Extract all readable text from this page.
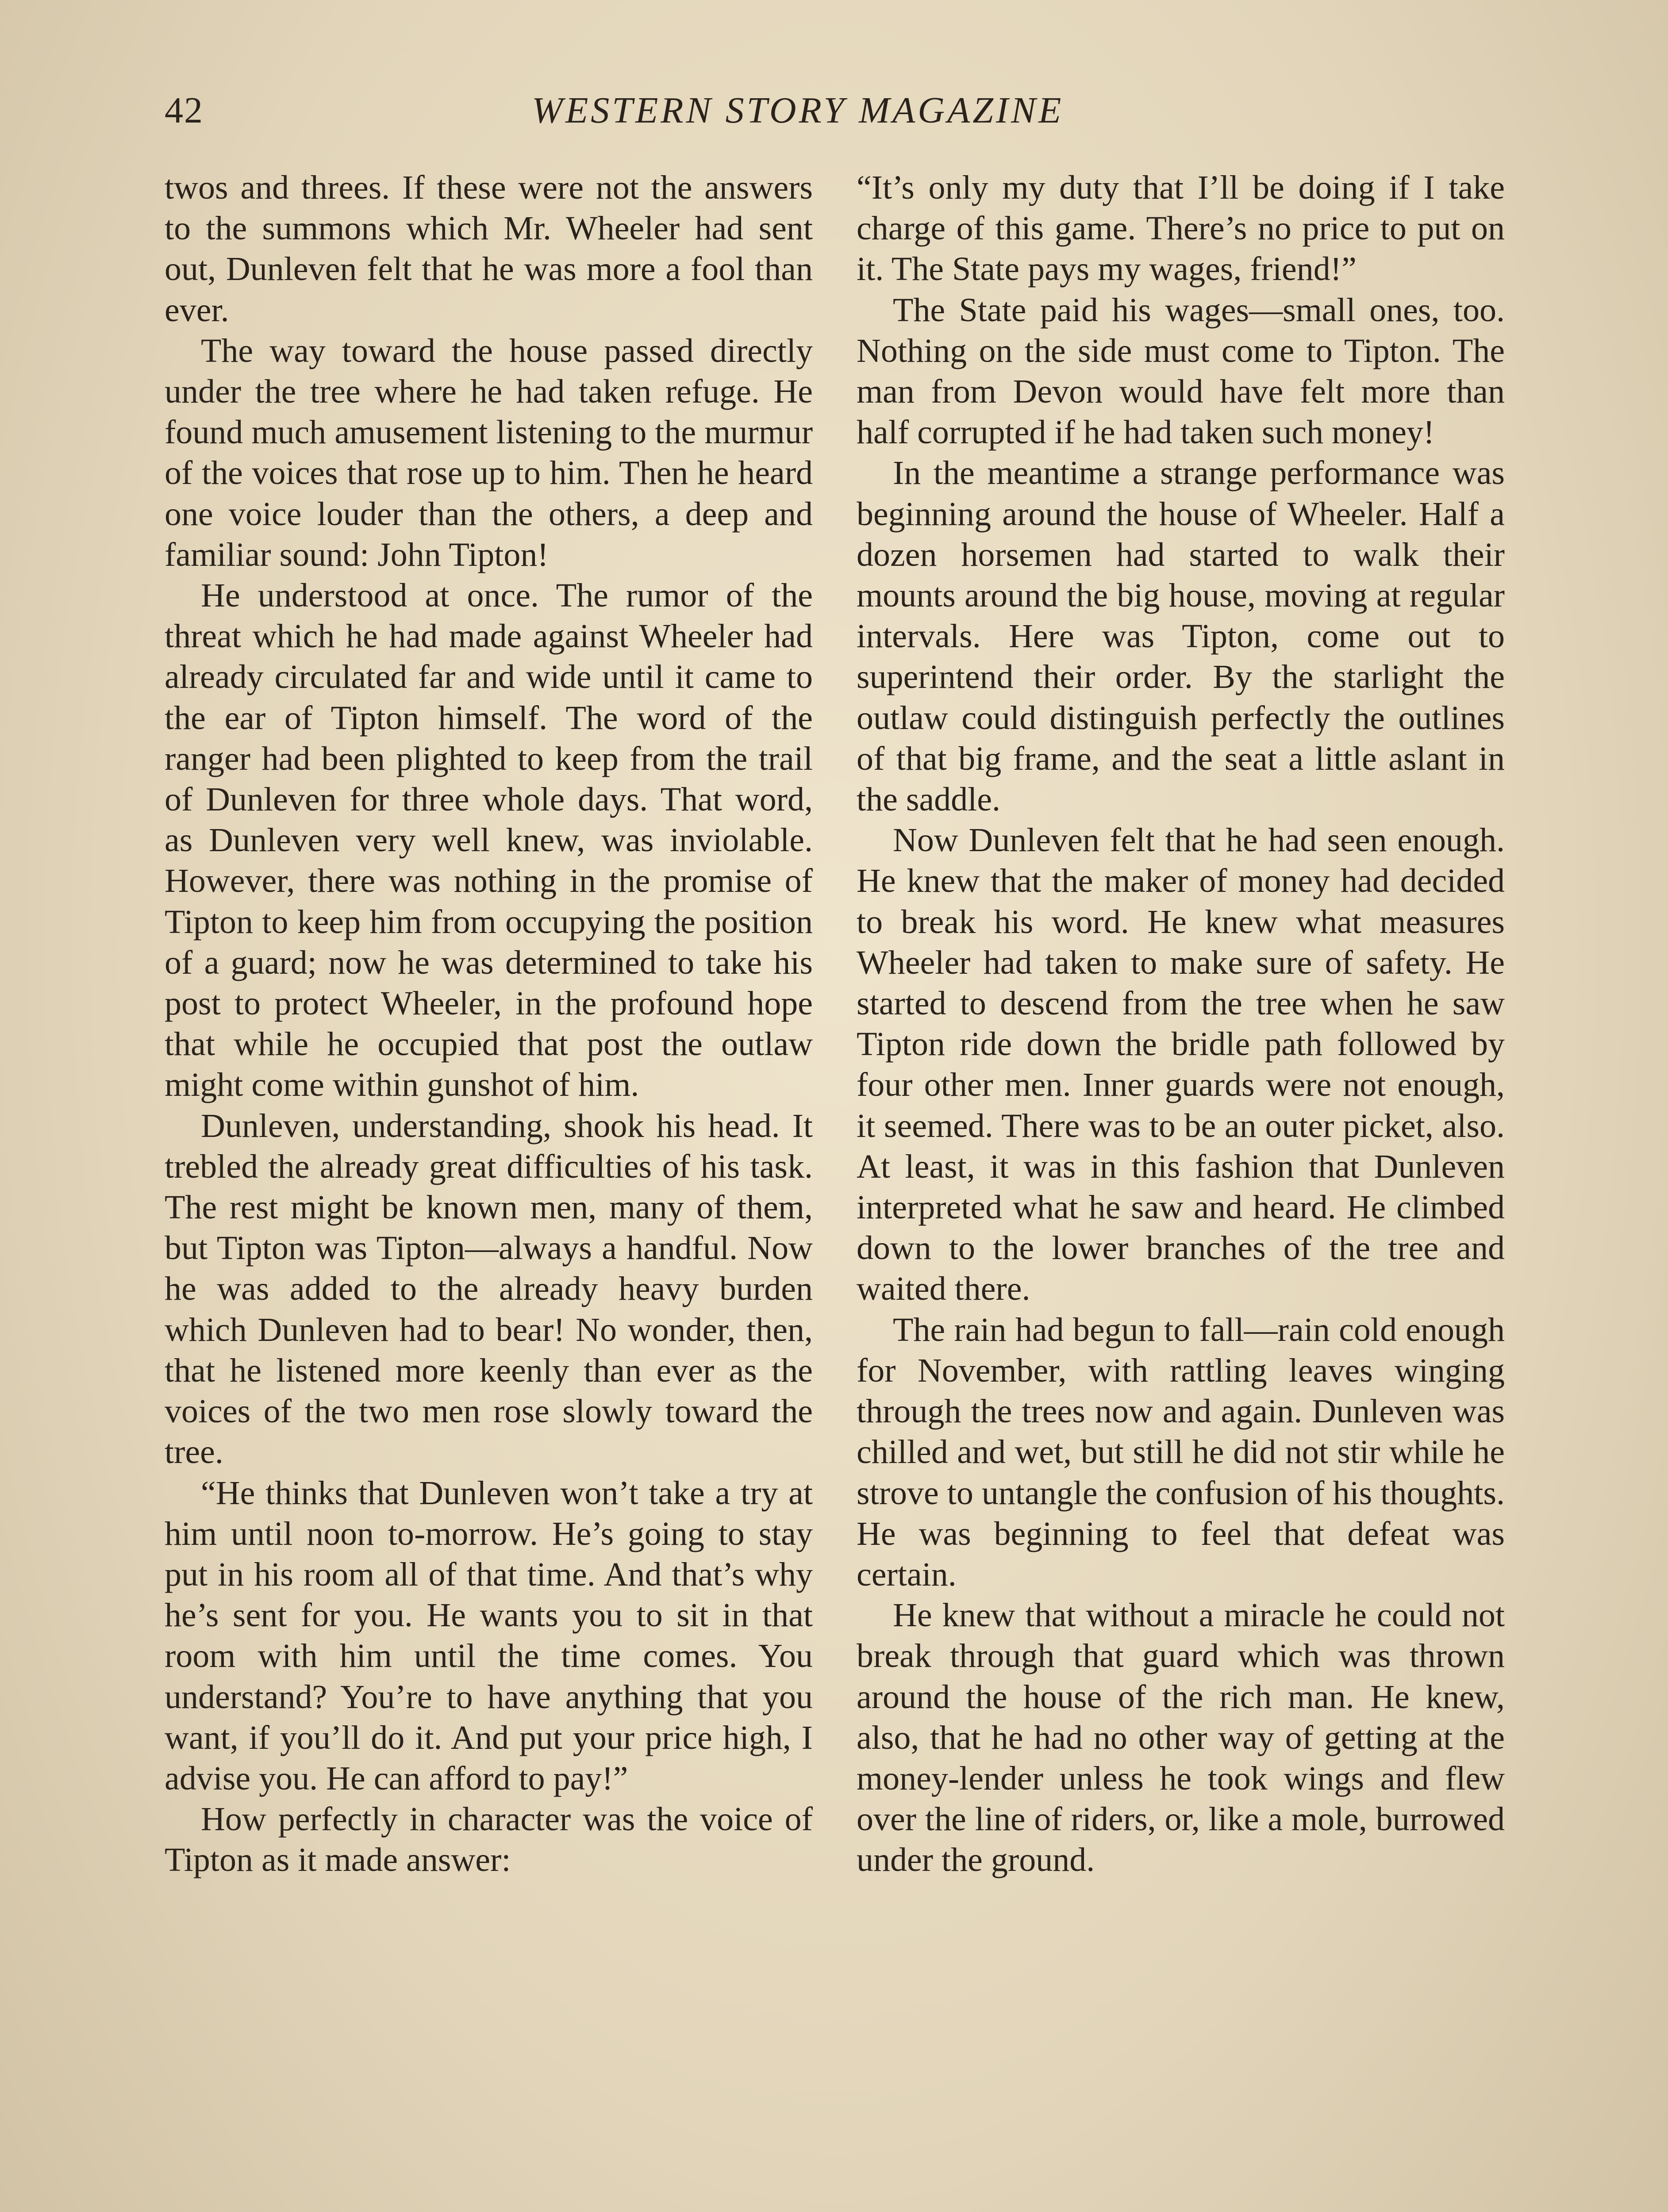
42	WESTERN STORY MAGAZINE

twos and threes. If these were not the answers to the summons which Mr. Wheeler had sent out, Dunleven felt that he was more a fool than ever.

The way toward the house passed directly under the tree where he had taken refuge. He found much amusement listening to the murmur of the voices that rose up to him. Then he heard one voice louder than the others, a deep and familiar sound: John Tipton!

He understood at once. The rumor of the threat which he had made against Wheeler had already circulated far and wide until it came to the ear of Tipton himself. The word of the ranger had been plighted to keep from the trail of Dunleven for three whole days. That word, as Dunleven very well knew, was inviolable. However, there was nothing in the promise of Tipton to keep him from occupying the position of a guard; now he was determined to take his post to protect Wheeler, in the profound hope that while he occupied that post the outlaw might come within gunshot of him.

Dunleven, understanding, shook his head. It trebled the already great difficulties of his task. The rest might be known men, many of them, but Tipton was Tipton—always a handful. Now he was added to the already heavy burden which Dunleven had to bear! No wonder, then, that he listened more keenly than ever as the voices of the two men rose slowly toward the tree.

“He thinks that Dunleven won’t take a try at him until noon to-morrow. He’s going to stay put in his room all of that time. And that’s why he’s sent for you. He wants you to sit in that room with him until the time comes. You understand? You’re to have anything that you want, if you’ll do it. And put your price high, I advise you. He can afford to pay!”

How perfectly in character was the voice of Tipton as it made answer:

“It’s only my duty that I’ll be doing if I take charge of this game. There’s no price to put on it. The State pays my wages, friend!”

The State paid his wages—small ones, too. Nothing on the side must come to Tipton. The man from Devon would have felt more than half corrupted if he had taken such money!

In the meantime a strange performance was beginning around the house of Wheeler. Half a dozen horsemen had started to walk their mounts around the big house, moving at regular intervals. Here was Tipton, come out to superintend their order. By the starlight the outlaw could distinguish perfectly the outlines of that big frame, and the seat a little aslant in the saddle.

Now Dunleven felt that he had seen enough. He knew that the maker of money had decided to break his word. He knew what measures Wheeler had taken to make sure of safety. He started to descend from the tree when he saw Tipton ride down the bridle path followed by four other men. Inner guards were not enough, it seemed. There was to be an outer picket, also. At least, it was in this fashion that Dunleven interpreted what he saw and heard. He climbed down to the lower branches of the tree and waited there.

The rain had begun to fall—rain cold enough for November, with rattling leaves winging through the trees now and again. Dunleven was chilled and wet, but still he did not stir while he strove to untangle the confusion of his thoughts. He was beginning to feel that defeat was certain.

He knew that without a miracle he could not break through that guard which was thrown around the house of the rich man. He knew, also, that he had no other way of getting at the money-lender unless he took wings and flew over the line of riders, or, like a mole, burrowed under the ground.
